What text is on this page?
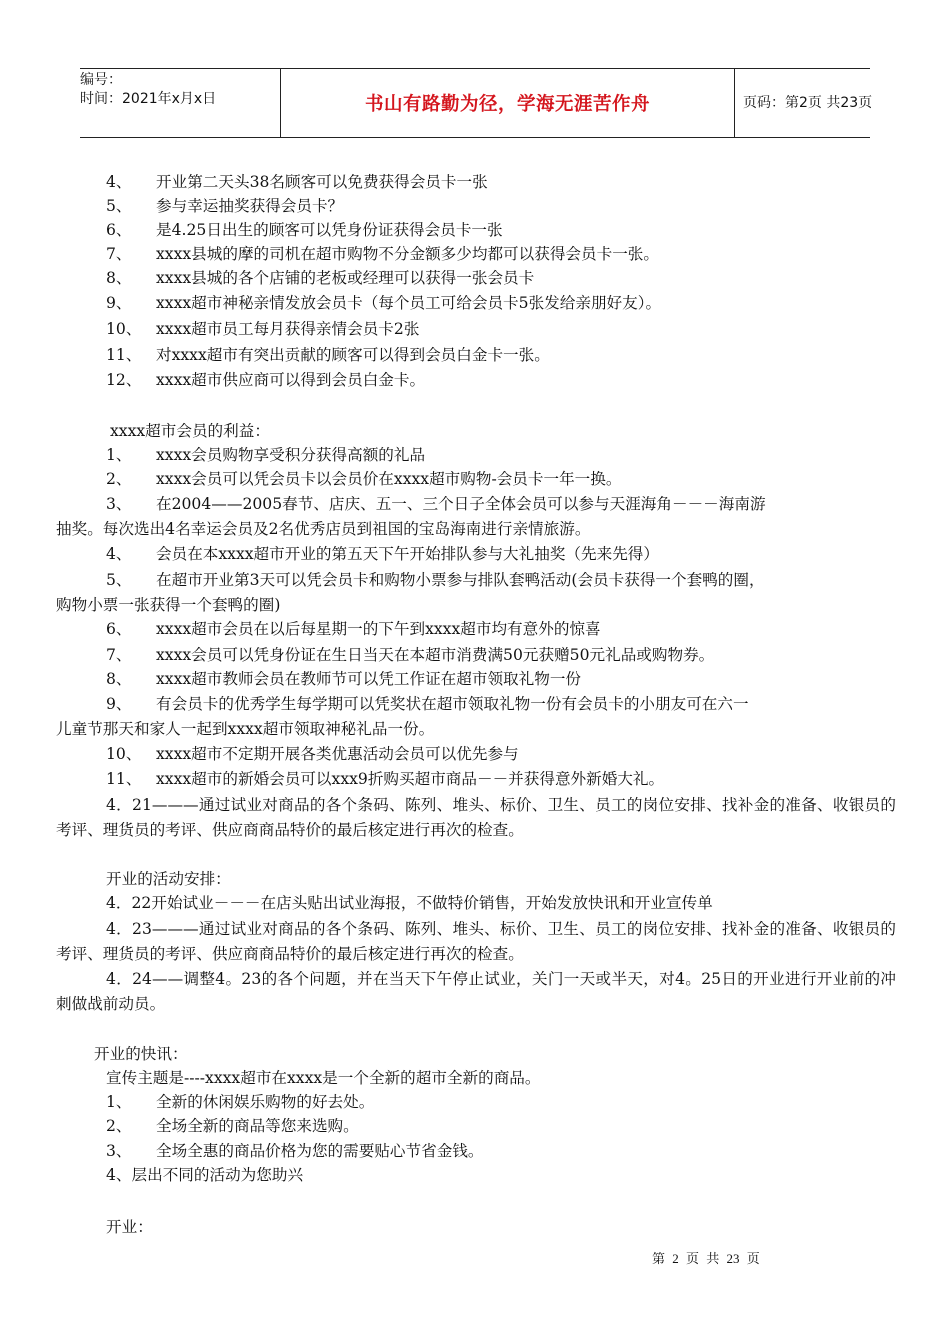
编号：
时间：2021年x月x日	书山有路勤为径，学海无涯苦作舟	页码：第2页 共23页
4、 开业第二天头38名顾客可以免费获得会员卡一张
5、 参与幸运抽奖获得会员卡？
6、 是4.25日出生的顾客可以凭身份证获得会员卡一张
7、 xxxx县城的摩的司机在超市购物不分金额多少均都可以获得会员卡一张。
8、 xxxx县城的各个店铺的老板或经理可以获得一张会员卡
9、 xxxx超市神秘亲情发放会员卡（每个员工可给会员卡5张发给亲朋好友）。
10、 xxxx超市员工每月获得亲情会员卡2张
11、 对xxxx超市有突出贡献的顾客可以得到会员白金卡一张。
12、 xxxx超市供应商可以得到会员白金卡。
xxxx超市会员的利益：
1、 xxxx会员购物享受积分获得高额的礼品
2、 xxxx会员可以凭会员卡以会员价在xxxx超市购物-会员卡一年一换。
3、 在2004——2005春节、店庆、五一、三个日子全体会员可以参与天涯海角－－－海南游
抽奖。每次选出4名幸运会员及2名优秀店员到祖国的宝岛海南进行亲情旅游。
4、 会员在本xxxx超市开业的第五天下午开始排队参与大礼抽奖（先来先得）
5、 在超市开业第3天可以凭会员卡和购物小票参与排队套鸭活动(会员卡获得一个套鸭的圈，
购物小票一张获得一个套鸭的圈)
6、 xxxx超市会员在以后每星期一的下午到xxxx超市均有意外的惊喜
7、 xxxx会员可以凭身份证在生日当天在本超市消费满50元获赠50元礼品或购物券。
8、 xxxx超市教师会员在教师节可以凭工作证在超市领取礼物一份
9、 有会员卡的优秀学生每学期可以凭奖状在超市领取礼物一份有会员卡的小朋友可在六一
儿童节那天和家人一起到xxxx超市领取神秘礼品一份。
10、 xxxx超市不定期开展各类优惠活动会员可以优先参与
11、 xxxx超市的新婚会员可以xxx9折购买超市商品－－并获得意外新婚大礼。
4．21———通过试业对商品的各个条码、陈列、堆头、标价、卫生、员工的岗位安排、找补金的准备、收银员的考评、理货员的考评、供应商商品特价的最后核定进行再次的检查。
开业的活动安排：
4．22开始试业－－－在店头贴出试业海报，不做特价销售，开始发放快讯和开业宣传单
4．23———通过试业对商品的各个条码、陈列、堆头、标价、卫生、员工的岗位安排、找补金的准备、收银员的考评、理货员的考评、供应商商品特价的最后核定进行再次的检查。
4．24——调整4。23的各个问题，并在当天下午停止试业，关门一天或半天，对4。25日的开业进行开业前的冲刺做战前动员。
开业的快讯：
宣传主题是----xxxx超市在xxxx是一个全新的超市全新的商品。
1、 全新的休闲娱乐购物的好去处。
2、 全场全新的商品等您来选购。
3、 全场全惠的商品价格为您的需要贴心节省金钱。
4、层出不同的活动为您助兴
开业：
第 2 页 共 23 页
